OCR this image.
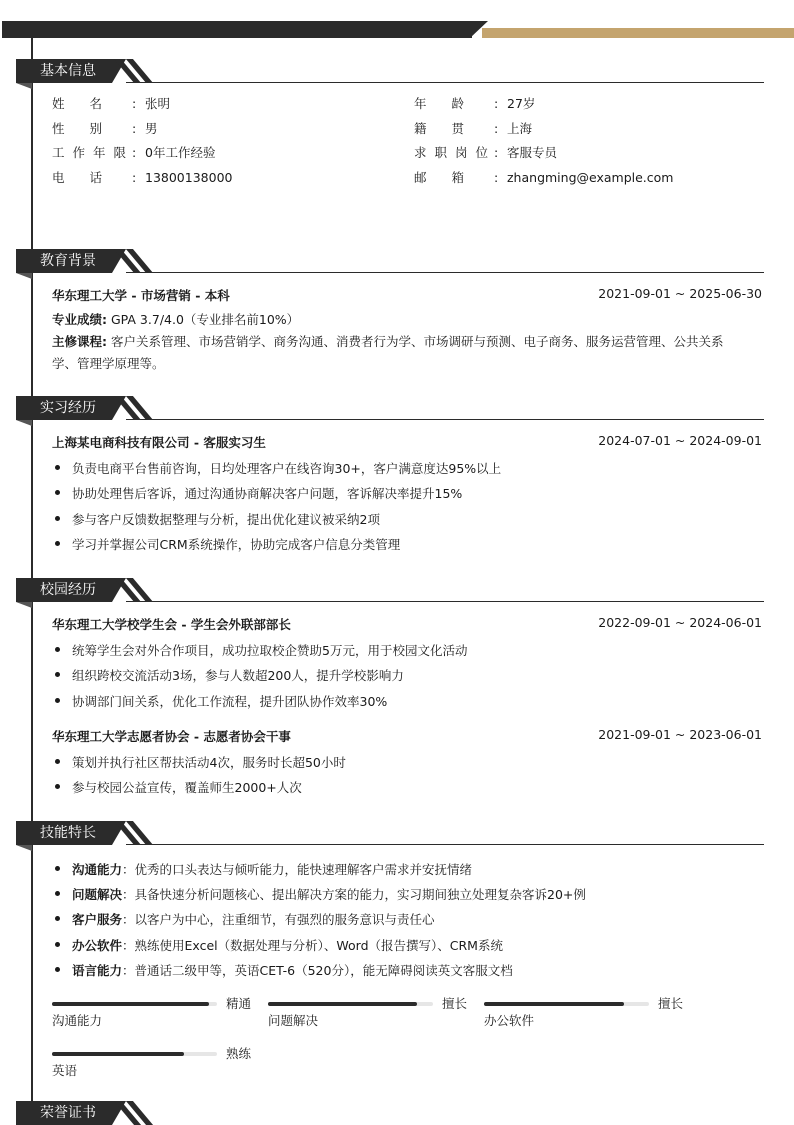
基本信息
姓名 : 张明	年龄 : 27岁
性别 : 男	籍贯 : 上海
工作年限 : 0年工作经验	求职岗位 : 客服专员
电话 : 13800138000	邮箱 : zhangming@example.com
教育背景
华东理工大学 - 市场营销 - 本科	2021-09-01 ~ 2025-06-30
专业成绩: GPA 3.7/4.0（专业排名前10%）
主修课程: 客户关系管理、市场营销学、商务沟通、消费者行为学、市场调研与预测、电子商务、服务运营管理、公共关系
学、管理学原理等。
实习经历
上海某电商科技有限公司 - 客服实习生	2024-07-01 ~ 2024-09-01
负责电商平台售前咨询，日均处理客户在线咨询30+，客户满意度达95%以上
协助处理售后客诉，通过沟通协商解决客户问题，客诉解决率提升15%
参与客户反馈数据整理与分析，提出优化建议被采纳2项
学习并掌握公司CRM系统操作，协助完成客户信息分类管理
校园经历
华东理工大学校学生会 - 学生会外联部部长	2022-09-01 ~ 2024-06-01
统筹学生会对外合作项目，成功拉取校企赞助5万元，用于校园文化活动
组织跨校交流活动3场，参与人数超200人，提升学校影响力
协调部门间关系，优化工作流程，提升团队协作效率30%
华东理工大学志愿者协会 - 志愿者协会干事	2021-09-01 ~ 2023-06-01
策划并执行社区帮扶活动4次，服务时长超50小时
参与校园公益宣传，覆盖师生2000+人次
技能特长
沟通能力：优秀的口头表达与倾听能力，能快速理解客户需求并安抚情绪
问题解决：具备快速分析问题核心、提出解决方案的能力，实习期间独立处理复杂客诉20+例
客户服务：以客户为中心，注重细节，有强烈的服务意识与责任心
办公软件：熟练使用Excel（数据处理与分析）、Word（报告撰写）、CRM系统
语言能力：普通话二级甲等，英语CET-6（520分），能无障碍阅读英文客服文档
精通
沟通能力
擅长
问题解决
擅长
办公软件
熟练
英语
荣誉证书
